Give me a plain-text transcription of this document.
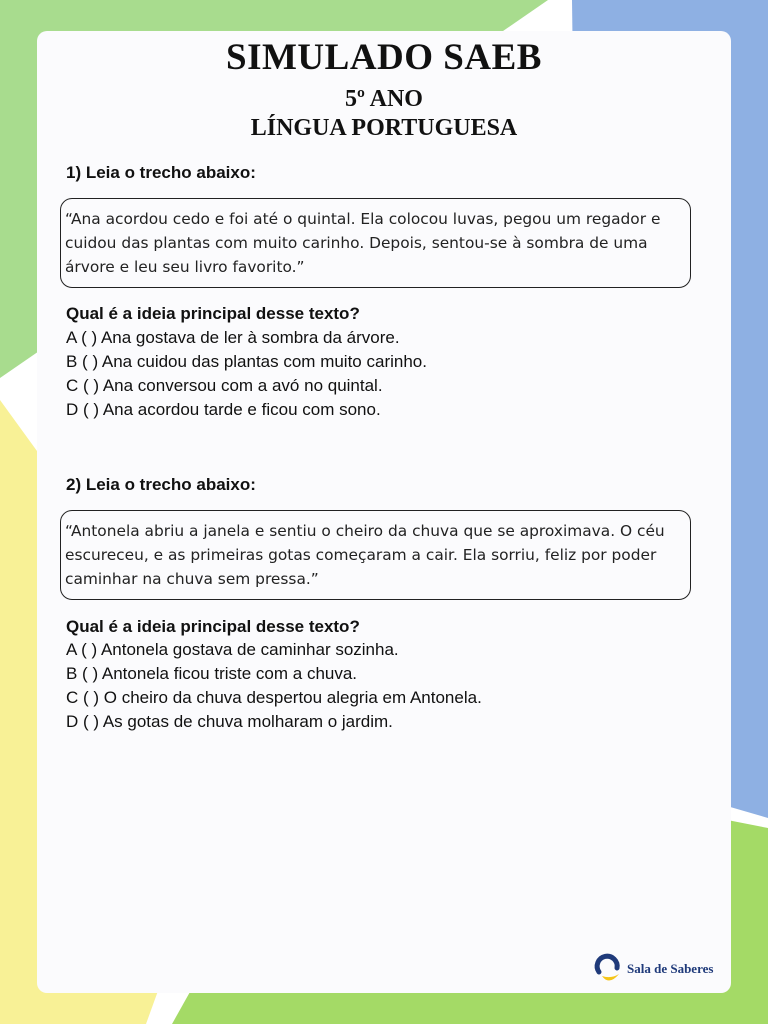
SIMULADO SAEB
5º ANO
LÍNGUA PORTUGUESA

1) Leia o trecho abaixo:

“Ana acordou cedo e foi até o quintal. Ela colocou luvas, pegou um regador e cuidou das plantas com muito carinho. Depois, sentou-se à sombra de uma árvore e leu seu livro favorito.”

Qual é a ideia principal desse texto?

A ( ) Ana gostava de ler à sombra da árvore.
B ( ) Ana cuidou das plantas com muito carinho.
C ( ) Ana conversou com a avó no quintal.
D ( ) Ana acordou tarde e ficou com sono.

2) Leia o trecho abaixo:

“Antonela abriu a janela e sentiu o cheiro da chuva que se aproximava. O céu escureceu, e as primeiras gotas começaram a cair. Ela sorriu, feliz por poder caminhar na chuva sem pressa.”

Qual é a ideia principal desse texto?

A ( ) Antonela gostava de caminhar sozinha.
B ( ) Antonela ficou triste com a chuva.
C ( ) O cheiro da chuva despertou alegria em Antonela.
D ( ) As gotas de chuva molharam o jardim.
Sala de Saberes
